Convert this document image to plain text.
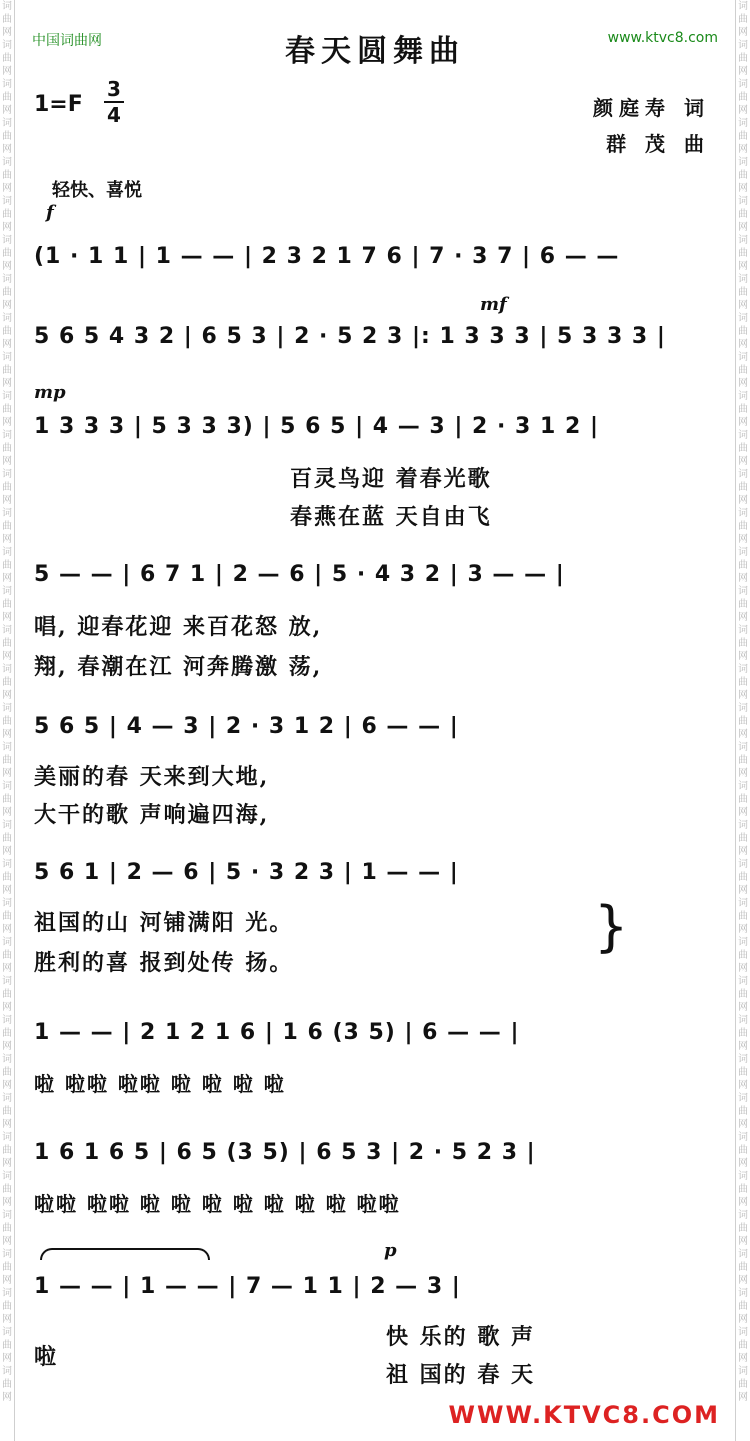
词
曲
网
词
曲
网
词
曲
网
词
曲
网
词
曲
网
词
曲
网
词
曲
网
词
曲
网
词
曲
网
词
曲
网
词
曲
网
词
曲
网
词
曲
网
词
曲
网
词
曲
网
词
曲
网
词
曲
网
词
曲
网
词
曲
网
词
曲
网
词
曲
网
词
曲
网
词
曲
网
词
曲
网
词
曲
网
词
曲
网
词
曲
网
词
曲
网
词
曲
网
词
曲
网
词
曲
网
词
曲
网
词
曲
网
词
曲
网
词
曲
网
词
曲
网
词
曲
网
词
曲
网
词
曲
网
词
曲
网
词
曲
网
词
曲
网
词
曲
网
词
曲
网
词
曲
网
词
曲
网
词
曲
网
词
曲
网
词
曲
网
词
曲
网
词
曲
网
词
曲
网
词
曲
网
词
曲
网
词
曲
网
词
曲
网
词
曲
网
词
曲
网
词
曲
网
词
曲
网
词
曲
网
词
曲
网
词
曲
网
词
曲
网
词
曲
网
词
曲
网
词
曲
网
词
曲
网
词
曲
网
词
曲
网
词
曲
网
词
曲
网
中国词曲网	www.ktvc8.com
春天圆舞曲
1=F
3
4	颜庭寿 词
群 茂 曲
轻快、喜悦
f
(1 · 1 1 | 1 — — | 2 3 2 1 7 6 | 7 · 3 7 | 6 — —
mf
5 6 5 4 3 2 | 6 5 3 | 2 · 5 2 3 |: 1 3 3 3 | 5 3 3 3 |
mp
1 3 3 3 | 5 3 3 3) | 5 6 5 | 4 — 3 | 2 · 3 1 2 |
百灵鸟迎 着春光歌
春燕在蓝 天自由飞
5 — — | 6 7 1 | 2 — 6 | 5 · 4 3 2 | 3 — — |
唱, 迎春花迎 来百花怒 放,
翔, 春潮在江 河奔腾激 荡,
5 6 5 | 4 — 3 | 2 · 3 1 2 | 6 — — |
美丽的春 天来到大地,
大干的歌 声响遍四海,
5 6 1 | 2 — 6 | 5 · 3 2 3 | 1 — — |
祖国的山 河铺满阳 光。
胜利的喜 报到处传 扬。
}
1 — — | 2 1 2 1 6 | 1 6 (3 5) | 6 — — |
啦 啦啦 啦啦 啦 啦 啦 啦
1 6 1 6 5 | 6 5 (3 5) | 6 5 3 | 2 · 5 2 3 |
啦啦 啦啦 啦 啦 啦 啦 啦 啦 啦 啦啦
p
1 — — | 1 — — | 7 — 1 1 | 2 — 3 |
啦
快 乐的 歌 声
祖 国的 春 天
WWW.KTVC8.COM
